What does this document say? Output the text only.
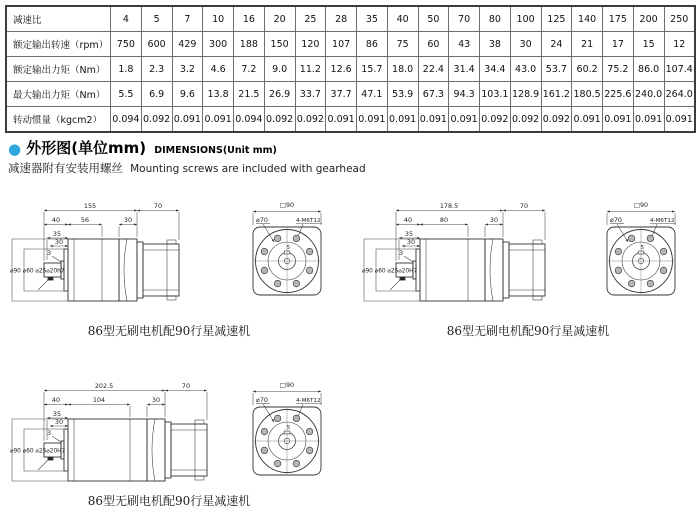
减速比	4	5	7	10	16	20	25	28	35	40	50	70	80	100	125	140	175	200	250
额定输出转速（rpm）	750	600	429	300	188	150	120	107	86	75	60	43	38	30	24	21	17	15	12
额定输出力矩（Nm）	1.8	2.3	3.2	4.6	7.2	9.0	11.2	12.6	15.7	18.0	22.4	31.4	34.4	43.0	53.7	60.2	75.2	86.0	107.4
最大输出力矩（Nm）	5.5	6.9	9.6	13.8	21.5	26.9	33.7	37.7	47.1	53.9	67.3	94.3	103.1	128.9	161.2	180.5	225.6	240.0	264.0
转动惯量（kgcm2）	0.094	0.092	0.091	0.091	0.094	0.092	0.092	0.091	0.091	0.091	0.091	0.091	0.092	0.092	0.092	0.091	0.091	0.091	0.091
● 外形图(单位mm) DIMENSIONS(Unit mm)
减速器附有安装用螺丝 Mounting screws are included with gearhead
155	70
40	56	30
35
30
3
⌀90 ⌀60 ⌀25⌀20h7
□90
⌀70	4-M6T12
5
86型无刷电机配90行星减速机
178.5	70
40	80	30
35
30
3
⌀90 ⌀60 ⌀25⌀20H7
□90
⌀70	4-M6T12
5
86型无刷电机配90行星减速机
202.5	70
40	104	30
35
30
3
⌀90 ⌀60 ⌀25⌀20H7
□90
⌀70	4-M6T12
5
86型无刷电机配90行星减速机
